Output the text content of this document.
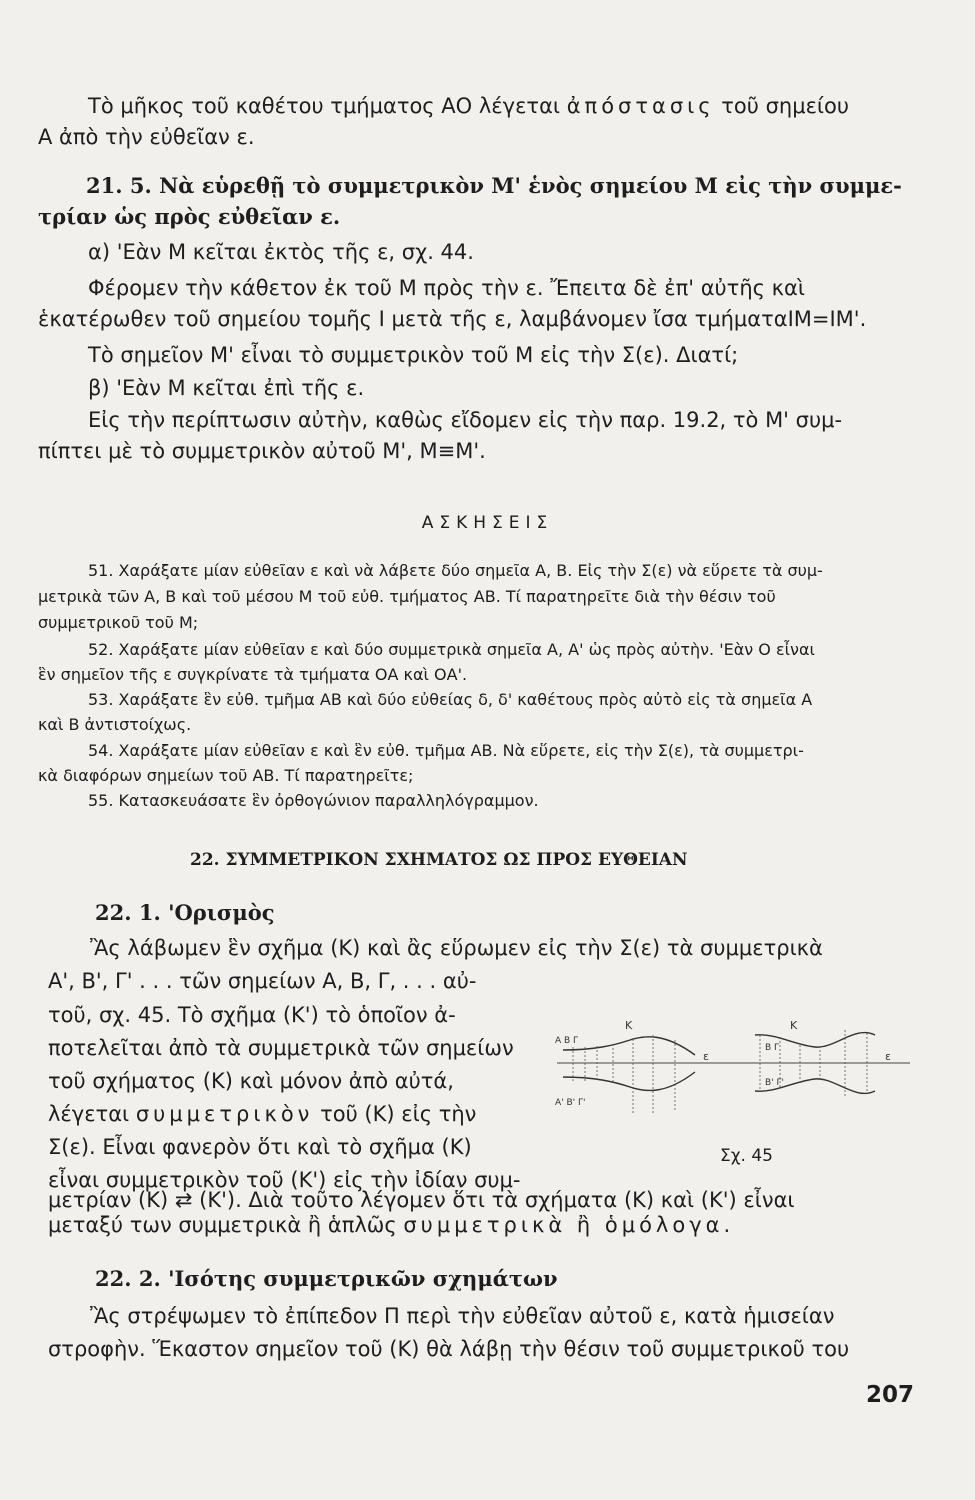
Τὸ μῆκος τοῦ καθέτου τμήματος ΑΟ λέγεται ἀπόστασις τοῦ σημείου
Α ἀπὸ τὴν εὐθεῖαν ε.
21. 5. Νὰ εὑρεθῇ τὸ συμμετρικὸν Μ' ἑνὸς σημείου Μ εἰς τὴν συμμε-
τρίαν ὡς πρὸς εὐθεῖαν ε.
α) 'Εὰν Μ κεῖται ἐκτὸς τῆς ε, σχ. 44.
Φέρομεν τὴν κάθετον ἐκ τοῦ Μ πρὸς τὴν ε. Ἔπειτα δὲ ἐπ' αὐτῆς καὶ
ἑκατέρωθεν τοῦ σημείου τομῆς Ι μετὰ τῆς ε, λαμβάνομεν ἴσα τμήματαΙΜ=ΙΜ'.
Τὸ σημεῖον Μ' εἶναι τὸ συμμετρικὸν τοῦ Μ εἰς τὴν Σ(ε). Διατί;
β) 'Εὰν Μ κεῖται ἐπὶ τῆς ε.
Εἰς τὴν περίπτωσιν αὐτὴν, καθὼς εἴδομεν εἰς τὴν παρ. 19.2, τὸ Μ' συμ-
πίπτει μὲ τὸ συμμετρικὸν αὐτοῦ Μ', Μ≡Μ'.
ΑΣΚΗΣΕΙΣ
51. Χαράξατε μίαν εὐθεῖαν ε καὶ νὰ λάβετε δύο σημεῖα Α, Β. Εἰς τὴν Σ(ε) νὰ εὕρετε τὰ συμ-
μετρικὰ τῶν Α, Β καὶ τοῦ μέσου Μ τοῦ εὐθ. τμήματος ΑΒ. Τί παρατηρεῖτε διὰ τὴν θέσιν τοῦ
συμμετρικοῦ τοῦ Μ;
52. Χαράξατε μίαν εὐθεῖαν ε καὶ δύο συμμετρικὰ σημεῖα Α, Α' ὡς πρὸς αὐτὴν. 'Εὰν Ο εἶναι
ἓν σημεῖον τῆς ε συγκρίνατε τὰ τμήματα ΟΑ καὶ ΟΑ'.
53. Χαράξατε ἓν εὐθ. τμῆμα ΑΒ καὶ δύο εὐθείας δ, δ' καθέτους πρὸς αὐτὸ εἰς τὰ σημεῖα Α
καὶ Β ἀντιστοίχως.
54. Χαράξατε μίαν εὐθεῖαν ε καὶ ἓν εὐθ. τμῆμα ΑΒ. Νὰ εὕρετε, εἰς τὴν Σ(ε), τὰ συμμετρι-
κὰ διαφόρων σημείων τοῦ ΑΒ. Τί παρατηρεῖτε;
55. Κατασκευάσατε ἓν ὀρθογώνιον παραλληλόγραμμον.
22. ΣΥΜΜΕΤΡΙΚΟΝ ΣΧΗΜΑΤΟΣ ΩΣ ΠΡΟΣ ΕΥΘΕΙΑΝ
22. 1. 'Ορισμὸς
Ἂς λάβωμεν ἓν σχῆμα (Κ) καὶ ἂς εὕρωμεν εἰς τὴν Σ(ε) τὰ συμμετρικὰ
Α', Β', Γ' . . . τῶν σημείων Α, Β, Γ, . . . αὐ-
τοῦ, σχ. 45. Τὸ σχῆμα (Κ') τὸ ὁποῖον ἀ-
ποτελεῖται ἀπὸ τὰ συμμετρικὰ τῶν σημείων
τοῦ σχήματος (Κ) καὶ μόνον ἀπὸ αὐτά,
λέγεται συμμετρικὸν τοῦ (Κ) εἰς τὴν
Σ(ε). Εἶναι φανερὸν ὅτι καὶ τὸ σχῆμα (Κ)
εἶναι συμμετρικὸν τοῦ (Κ') εἰς τὴν ἰδίαν συμ-
μετρίαν (Κ) ⇄ (Κ'). Διὰ τοῦτο λέγομεν ὅτι τὰ σχήματα (Κ) καὶ (Κ') εἶναι
μεταξύ των συμμετρικὰ ἢ ἁπλῶς συμμετρικὰ ἢ ὁμόλογα.
22. 2. 'Ισότης συμμετρικῶν σχημάτων
Ἂς στρέψωμεν τὸ ἐπίπεδον Π περὶ τὴν εὐθεῖαν αὐτοῦ ε, κατὰ ἡμισείαν
στροφὴν. Ἕκαστον σημεῖον τοῦ (Κ) θὰ λάβῃ τὴν θέσιν τοῦ συμμετρικοῦ του
Α Β Γ
Α' Β' Γ'
K
ε
Β Γ
Β' Γ'
K
ε
Σχ. 45
207
